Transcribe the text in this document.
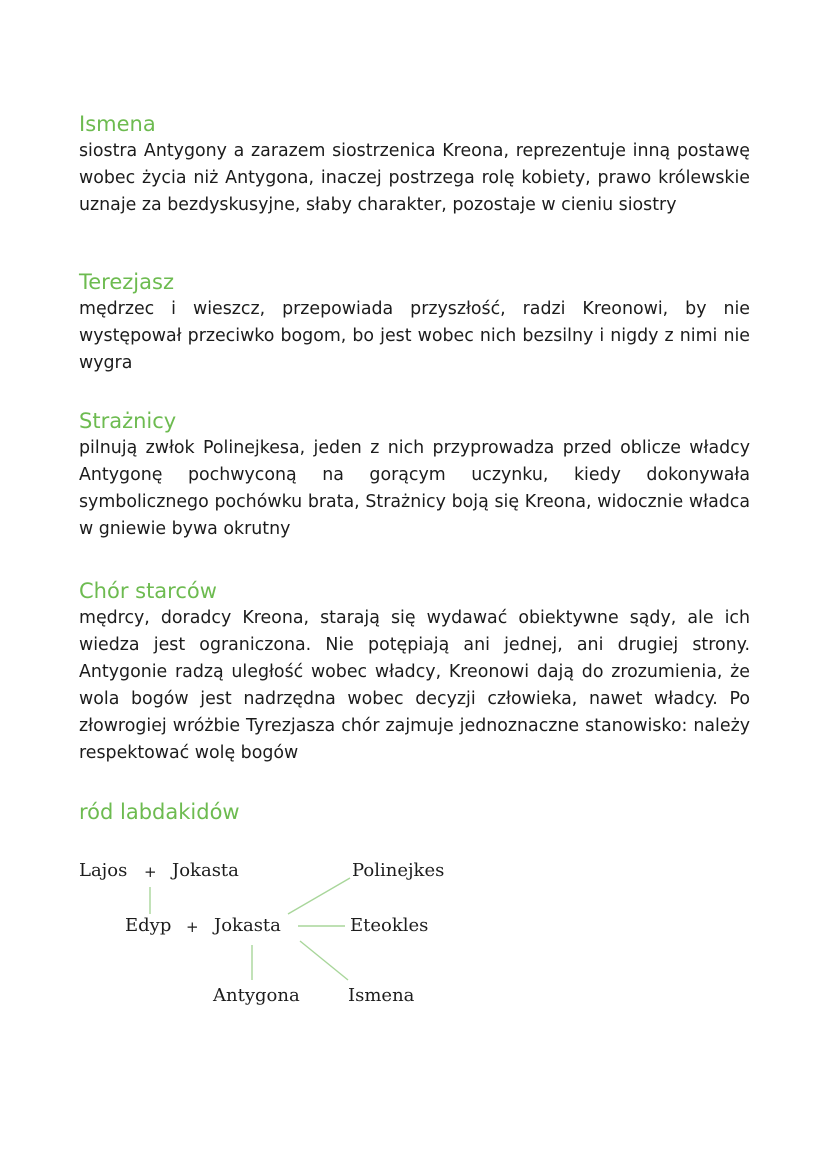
Ismena

siostra Antygony a zarazem siostrzenica Kreona, reprezentuje inną postawę wobec życia niż Antygona, inaczej postrzega rolę kobiety, prawo królewskie uznaje za bezdyskusyjne, słaby charakter, pozostaje w cieniu siostry

Terezjasz

mędrzec i wieszcz, przepowiada przyszłość, radzi Kreonowi, by nie występował przeciwko bogom, bo jest wobec nich bezsilny i nigdy z nimi nie wygra

Strażnicy

pilnują zwłok Polinejkesa, jeden z nich przyprowadza przed oblicze władcy Antygonę pochwyconą na gorącym uczynku, kiedy dokonywała symbolicznego pochówku brata, Strażnicy boją się Kreona, widocznie władca w gniewie bywa okrutny

Chór starców

mędrcy, doradcy Kreona, starają się wydawać obiektywne sądy, ale ich wiedza jest ograniczona. Nie potępiają ani jednej, ani drugiej strony. Antygonie radzą uległość wobec władcy, Kreonowi dają do zrozumienia, że wola bogów jest nadrzędna wobec decyzji człowieka, nawet władcy. Po złowrogiej wróżbie Tyrezjasza chór zajmuje jednoznaczne stanowisko: należy respektować wolę bogów

ród labdakidów
Lajos + Jokasta	Polinejkes
Edyp + Jokasta	Eteokles
Antygona	Ismena
